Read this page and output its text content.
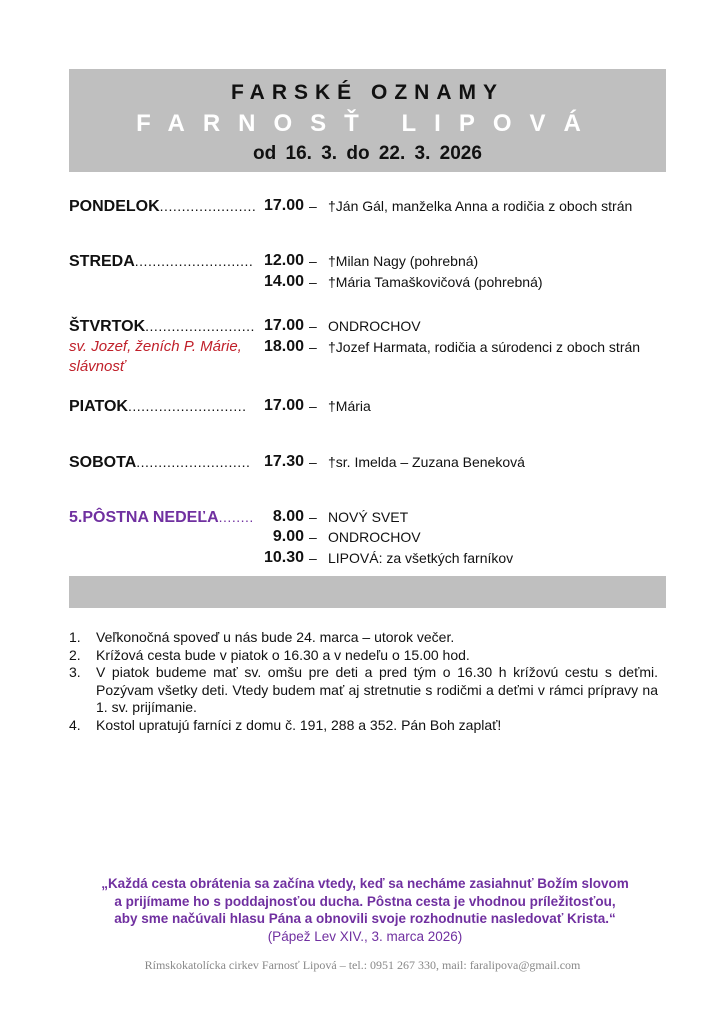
FARSKÉ OZNAMY
FARNOSŤ LIPOVÁ
od 16. 3. do 22. 3. 2026
PONDELOK...................... 17.00 – †Ján Gál, manželka Anna a rodičia z oboch strán
STREDA........................... 12.00 – †Milan Nagy (pohrebná)
14.00 – †Mária Tamaškovičová (pohrebná)
ŠTVRTOK......................... 17.00 – ONDROCHOV
sv. Jozef, ženích P. Márie, slávnosť
18.00 – †Jozef Harmata, rodičia a súrodenci z oboch strán
PIATOK...........................	17.00 – †Mária
SOBOTA.......................... 17.30 – †sr. Imelda – Zuzana Beneková
5.PÔSTNA NEDEĽA........	8.00 – NOVÝ SVET
9.00 – ONDROCHOV
10.30 – LIPOVÁ: za všetkých farníkov
1. Veľkonočná spoveď u nás bude 24. marca – utorok večer.
2. Krížová cesta bude v piatok o 16.30 a v nedeľu o 15.00 hod.
3. V piatok budeme mať sv. omšu pre deti a pred tým o 16.30 h krížovú cestu s deťmi. Pozývam všetky deti. Vtedy budem mať aj stretnutie s rodičmi a deťmi v rámci prípravy na 1. sv. prijímanie.
4. Kostol upratujú farníci z domu č. 191, 288 a 352. Pán Boh zaplať!
„Každá cesta obrátenia sa začína vtedy, keď sa necháme zasiahnuť Božím slovom
a prijímame ho s poddajnosťou ducha. Pôstna cesta je vhodnou príležitosťou,
aby sme načúvali hlasu Pána a obnovili svoje rozhodnutie nasledovať Krista.“
(Pápež Lev XIV., 3. marca 2026)
Rímskokatolícka cirkev Farnosť Lipová – tel.: 0951 267 330, mail: faralipova@gmail.com
